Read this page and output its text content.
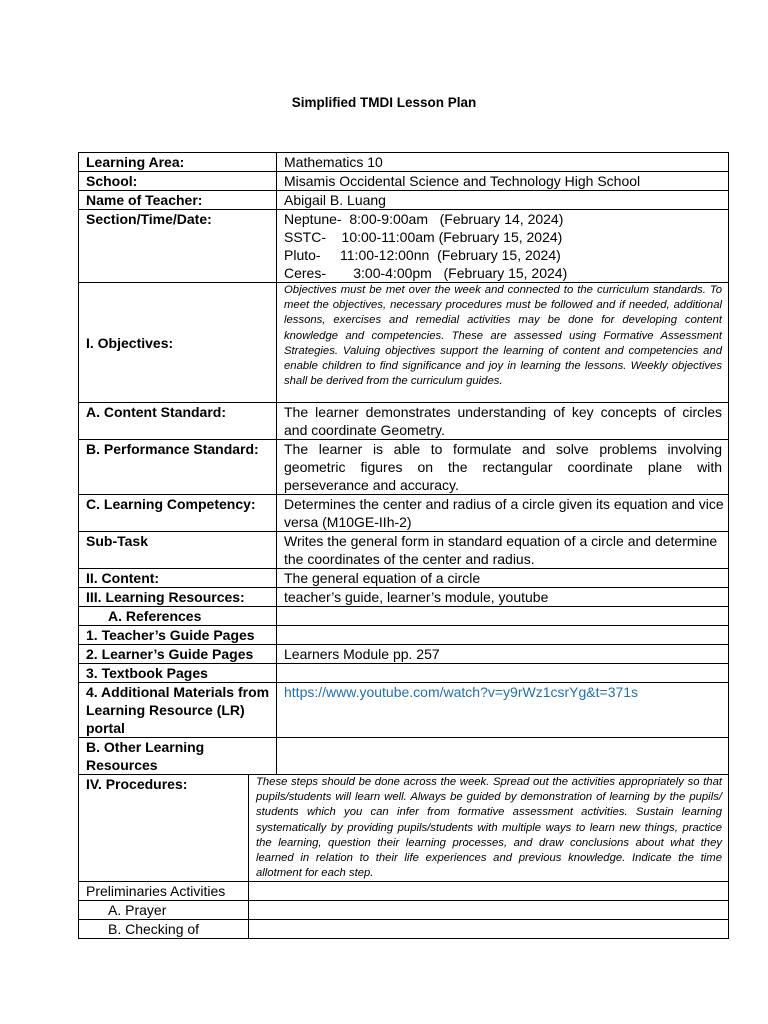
Simplified TMDI Lesson Plan
Learning Area:		Mathematics 10
School:		Misamis Occidental Science and Technology High School
Name of Teacher:		Abigail B. Luang
Section/Time/Date:		Neptune-  8:00-9:00am   (February 14, 2024)
SSTC-    10:00-11:00am (February 15, 2024)
Pluto-     11:00-12:00nn  (February 15, 2024)
Ceres-       3:00-4:00pm   (February 15, 2024)

I. Objectives:		Objectives must be met over the week and connected to the curriculum standards. To meet the objectives, necessary procedures must be followed and if needed, additional lessons, exercises and remedial activities may be done for developing content knowledge and competencies. These are assessed using Formative Assessment Strategies. Valuing objectives support the learning of content and competencies and enable children to find significance and joy in learning the lessons. Weekly objectives shall be derived from the curriculum guides.
A. Content Standard:		The learner demonstrates understanding of key concepts of circles and coordinate Geometry.
B. Performance Standard:		The learner is able to formulate and solve problems involving geometric figures on the rectangular coordinate plane with perseverance and accuracy.
C. Learning Competency:		Determines the center and radius of a circle given its equation and vice versa (M10GE-IIh-2)
Sub-Task		Writes the general form in standard equation of a circle and determine the coordinates of the center and radius.
II. Content:		The general equation of a circle
III. Learning Resources:		teacher’s guide, learner’s module, youtube
A. References		
1. Teacher’s Guide Pages		
2. Learner’s Guide Pages		Learners Module pp. 257
3. Textbook Pages		
4. Additional Materials from Learning Resource (LR) portal		https://www.youtube.com/watch?v=y9rWz1csrYg&t=371s
B. Other Learning Resources		
IV. Procedures:	These steps should be done across the week. Spread out the activities appropriately so that pupils/students will learn well. Always be guided by demonstration of learning by the pupils/ students which you can infer from formative assessment activities. Sustain learning systematically by providing pupils/students with multiple ways to learn new things, practice the learning, question their learning processes, and draw conclusions about what they learned in relation to their life experiences and previous knowledge. Indicate the time allotment for each step.	
Preliminaries Activities		
A. Prayer		
B. Checking of		
